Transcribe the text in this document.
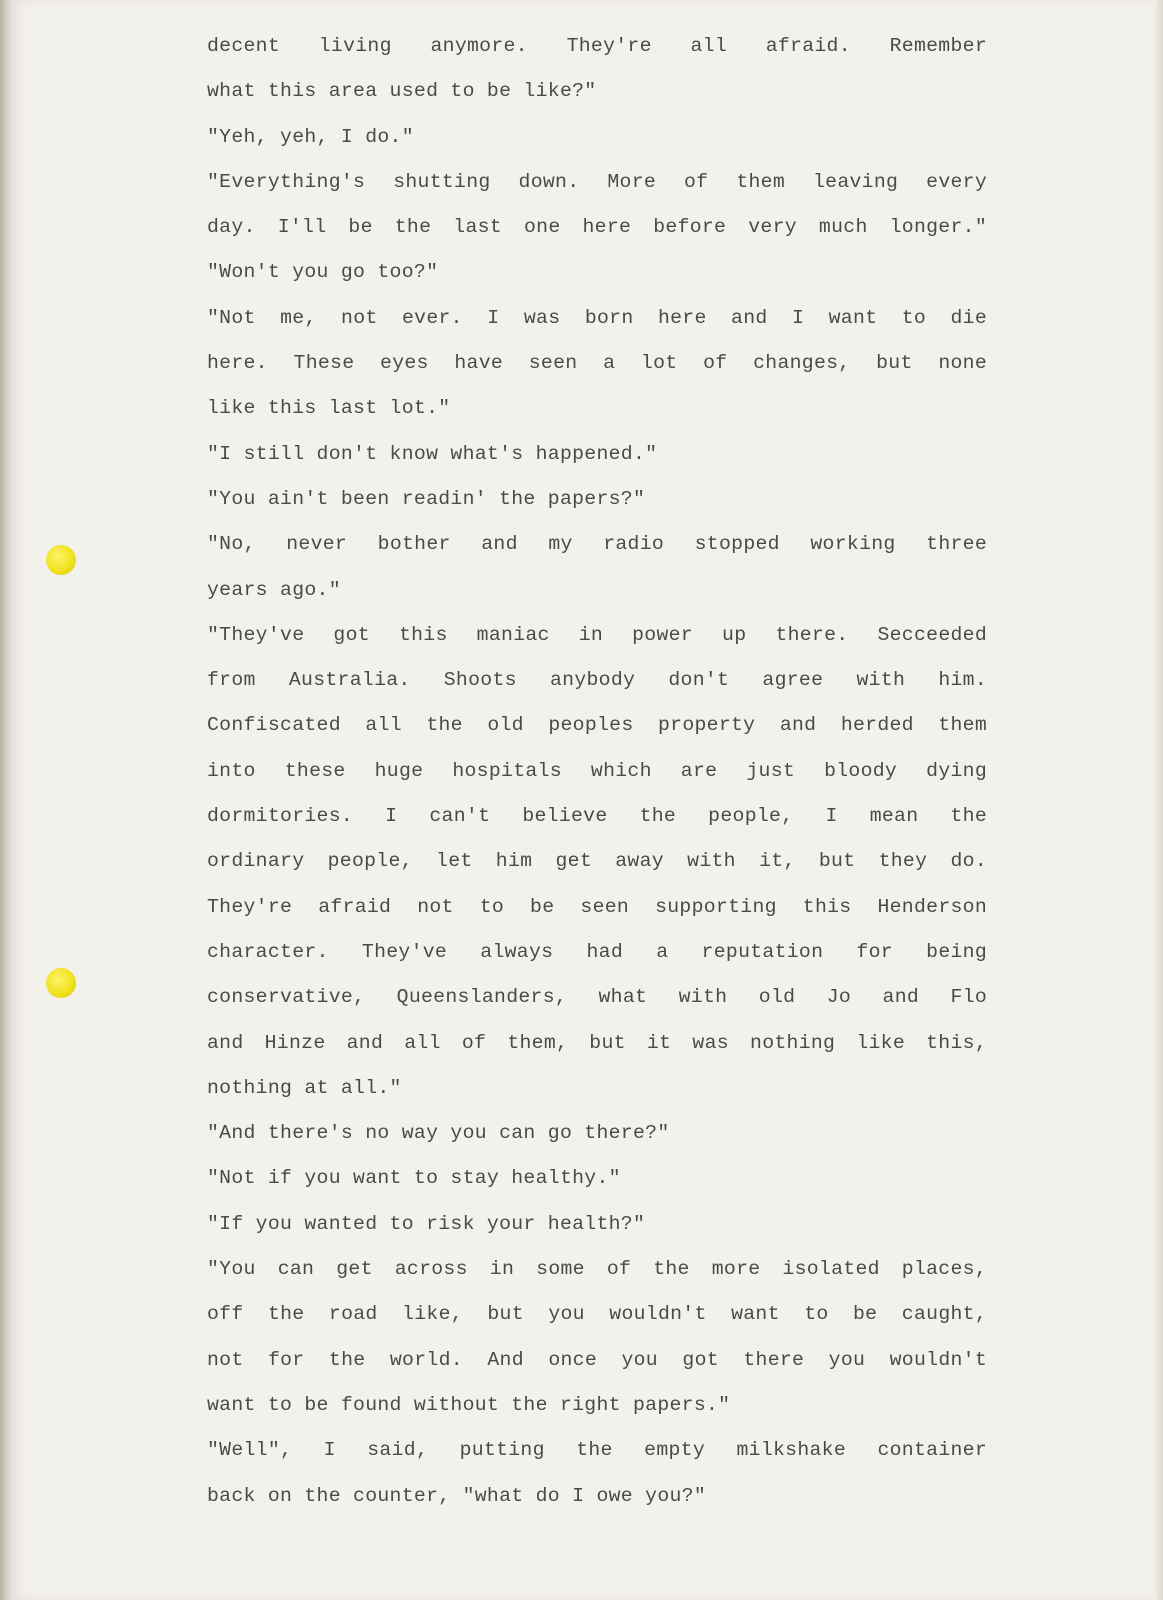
decent living anymore. They're all afraid. Remember
what this area used to be like?"
"Yeh, yeh, I do."
"Everything's shutting down. More of them leaving every
day. I'll be the last one here before very much longer."
"Won't you go too?"
"Not me, not ever. I was born here and I want to die
here. These eyes have seen a lot of changes, but none
like this last lot."
"I still don't know what's happened."
"You ain't been readin' the papers?"
"No, never bother and my radio stopped working three
years ago."
"They've got this maniac in power up there. Secceeded
from Australia. Shoots anybody don't agree with him.
Confiscated all the old peoples property and herded them
into these huge hospitals which are just bloody dying
dormitories. I can't believe the people, I mean the
ordinary people, let him get away with it, but they do.
They're afraid not to be seen supporting this Henderson
character. They've always had a reputation for being
conservative, Queenslanders, what with old Jo and Flo
and Hinze and all of them, but it was nothing like this,
nothing at all."
"And there's no way you can go there?"
"Not if you want to stay healthy."
"If you wanted to risk your health?"
"You can get across in some of the more isolated places,
off the road like, but you wouldn't want to be caught,
not for the world. And once you got there you wouldn't
want to be found without the right papers."
"Well", I said, putting the empty milkshake container
back on the counter, "what do I owe you?"
